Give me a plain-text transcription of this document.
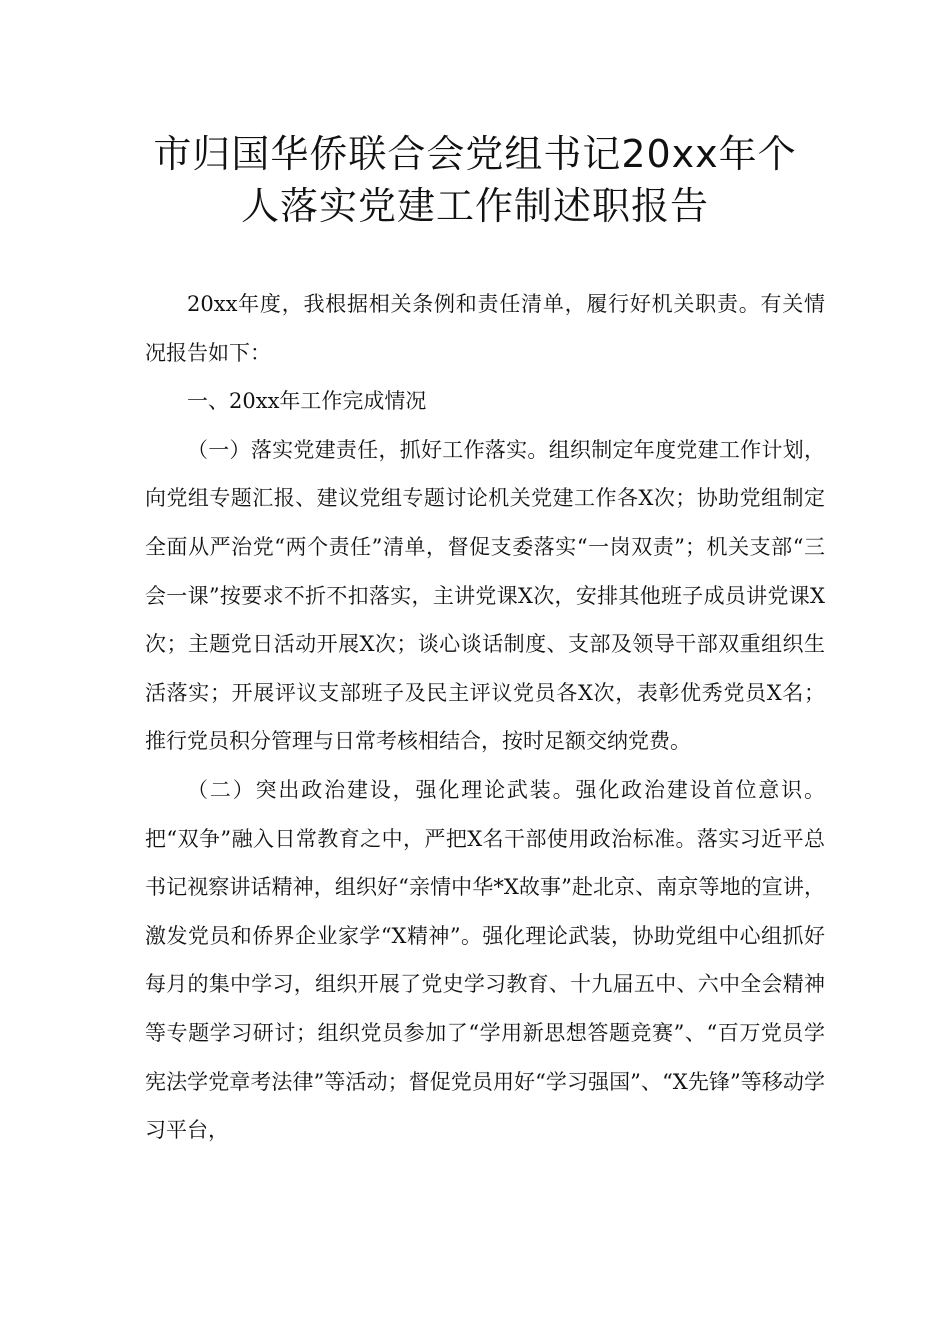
市归国华侨联合会党组书记20xx年个
人落实党建工作制述职报告

20xx年度，我根据相关条例和责任清单，履行好机关职责。有关情况报告如下：

一、20xx年工作完成情况

（一）落实党建责任，抓好工作落实。组织制定年度党建工作计划，向党组专题汇报、建议党组专题讨论机关党建工作各X次；协助党组制定全面从严治党“两个责任”清单，督促支委落实“一岗双责”；机关支部“三会一课”按要求不折不扣落实，主讲党课X次，安排其他班子成员讲党课X次；主题党日活动开展X次；谈心谈话制度、支部及领导干部双重组织生活落实；开展评议支部班子及民主评议党员各X次，表彰优秀党员X名；推行党员积分管理与日常考核相结合，按时足额交纳党费。

（二）突出政治建设，强化理论武装。强化政治建设首位意识。把“双争”融入日常教育之中，严把X名干部使用政治标准。落实习近平总书记视察讲话精神，组织好“亲情中华*X故事”赴北京、南京等地的宣讲，激发党员和侨界企业家学“X精神”。强化理论武装，协助党组中心组抓好每月的集中学习，组织开展了党史学习教育、十九届五中、六中全会精神等专题学习研讨；组织党员参加了“学用新思想答题竞赛”、“百万党员学宪法学党章考法律”等活动；督促党员用好“学习强国”、“X先锋”等移动学习平台，
